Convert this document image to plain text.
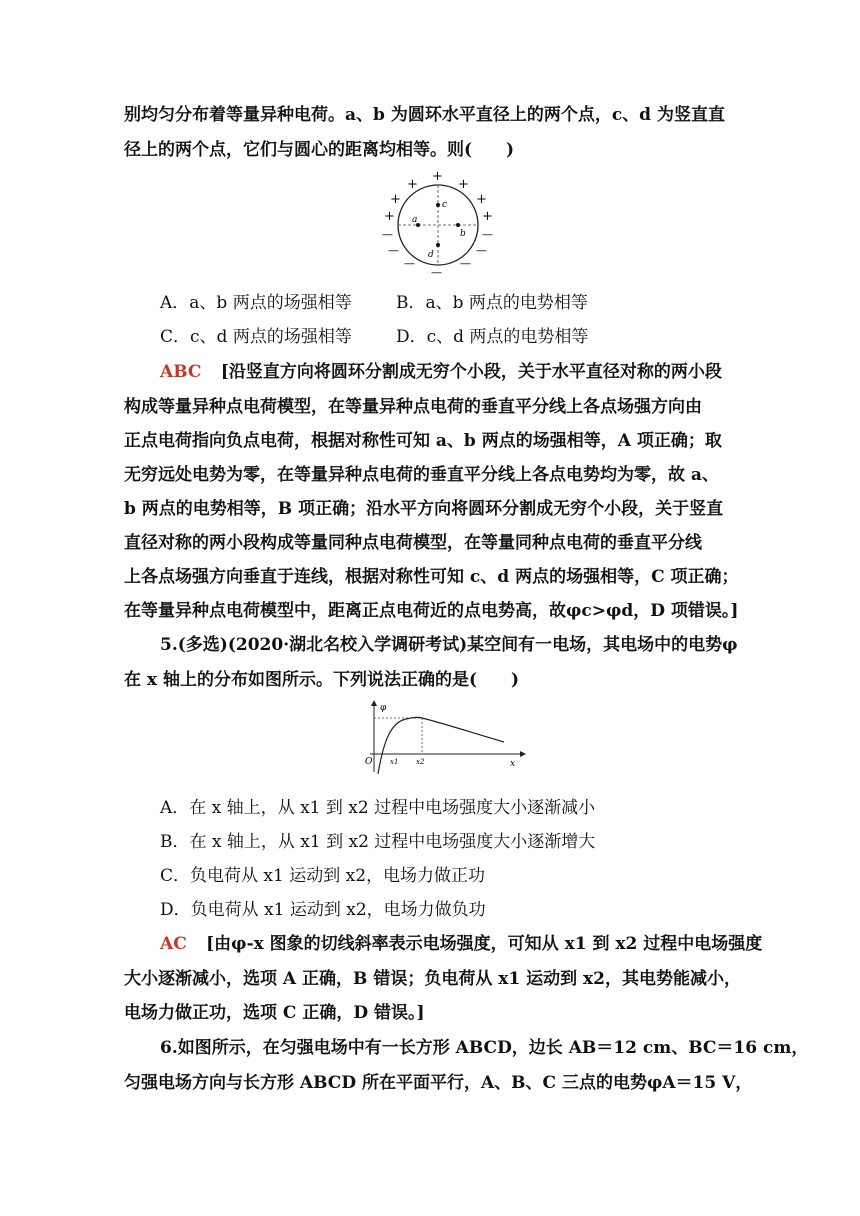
别均匀分布着等量异种电荷。a、b 为圆环水平直径上的两个点，c、d 为竖直直
径上的两个点，它们与圆心的距离均相等。则(　　)
a
b
c
d
+
+	+
+	+
+	+
—	—
—	—
—	—
—
A．a、b 两点的场强相等	B．a、b 两点的电势相等
C．c、d 两点的场强相等	D．c、d 两点的电势相等
ABC [沿竖直方向将圆环分割成无穷个小段，关于水平直径对称的两小段
构成等量异种点电荷模型，在等量异种点电荷的垂直平分线上各点场强方向由
正点电荷指向负点电荷，根据对称性可知 a、b 两点的场强相等，A 项正确；取
无穷远处电势为零，在等量异种点电荷的垂直平分线上各点电势均为零，故 a、
b 两点的电势相等，B 项正确；沿水平方向将圆环分割成无穷个小段，关于竖直
直径对称的两小段构成等量同种点电荷模型，在等量同种点电荷的垂直平分线
上各点场强方向垂直于连线，根据对称性可知 c、d 两点的场强相等，C 项正确；
在等量异种点电荷模型中，距离正点电荷近的点电势高，故φc>φd，D 项错误。]
5.(多选)(2020·湖北名校入学调研考试)某空间有一电场，其电场中的电势φ
在 x 轴上的分布如图所示。下列说法正确的是(　　)
φ
O	x1	x2	x
A．在 x 轴上，从 x1 到 x2 过程中电场强度大小逐渐减小
B．在 x 轴上，从 x1 到 x2 过程中电场强度大小逐渐增大
C．负电荷从 x1 运动到 x2，电场力做正功
D．负电荷从 x1 运动到 x2，电场力做负功
AC [由φ-x 图象的切线斜率表示电场强度，可知从 x1 到 x2 过程中电场强度
大小逐渐减小，选项 A 正确，B 错误；负电荷从 x1 运动到 x2，其电势能减小，
电场力做正功，选项 C 正确，D 错误。]
6.如图所示，在匀强电场中有一长方形 ABCD，边长 AB＝12 cm、BC＝16 cm，
匀强电场方向与长方形 ABCD 所在平面平行，A、B、C 三点的电势φA＝15 V，
